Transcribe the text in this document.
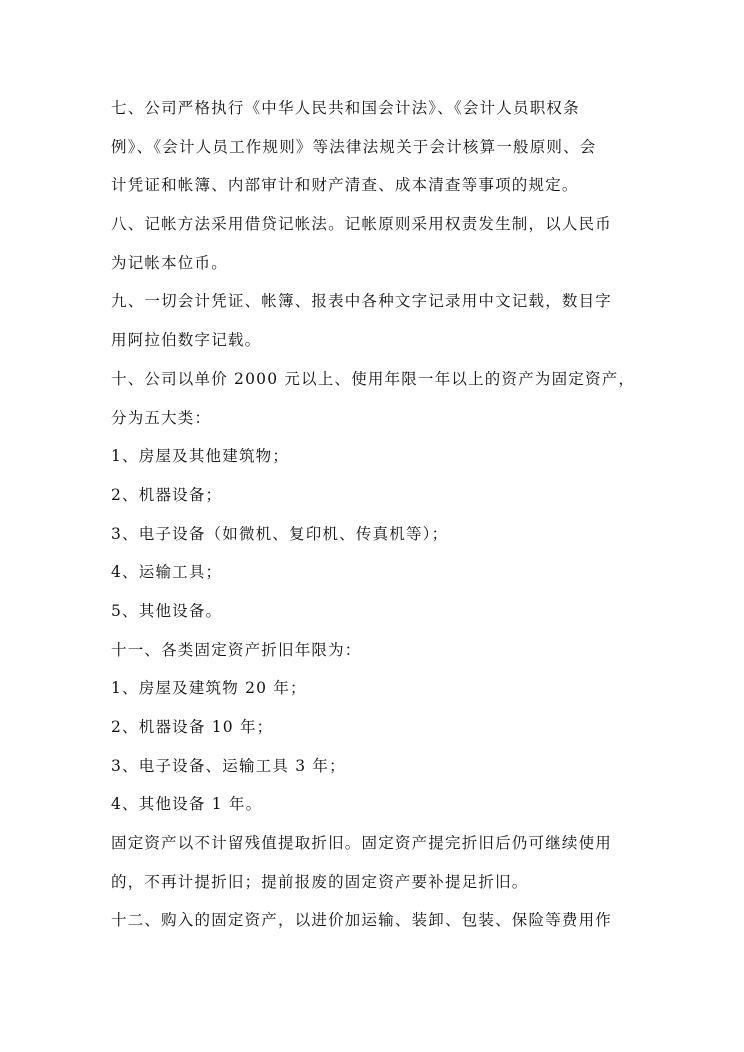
七、公司严格执行《中华人民共和国会计法》、《会计人员职权条
例》、《会计人员工作规则》等法律法规关于会计核算一般原则、会
计凭证和帐簿、内部审计和财产清查、成本清查等事项的规定。
八、记帐方法采用借贷记帐法。记帐原则采用权责发生制，以人民币
为记帐本位币。
九、一切会计凭证、帐簿、报表中各种文字记录用中文记载，数目字
用阿拉伯数字记载。
十、公司以单价 2000 元以上、使用年限一年以上的资产为固定资产，
分为五大类：
1、房屋及其他建筑物；
2、机器设备；
3、电子设备（如微机、复印机、传真机等）；
4、运输工具；
5、其他设备。
十一、各类固定资产折旧年限为：
1、房屋及建筑物 20 年；
2、机器设备 10 年；
3、电子设备、运输工具 3 年；
4、其他设备 1 年。
固定资产以不计留残值提取折旧。固定资产提完折旧后仍可继续使用
的，不再计提折旧；提前报废的固定资产要补提足折旧。
十二、购入的固定资产，以进价加运输、装卸、包装、保险等费用作
